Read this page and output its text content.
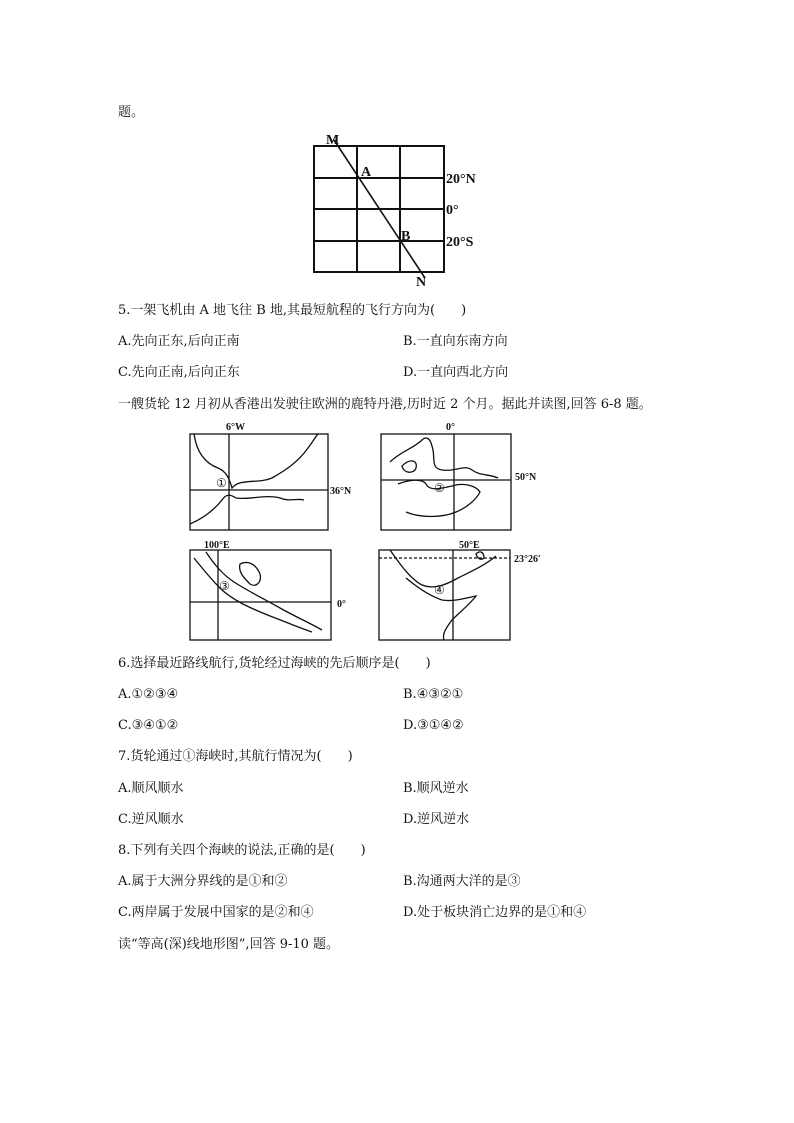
题。
M
A
B
N
20°N
0°
20°S
5.一架飞机由 A 地飞往 B 地,其最短航程的飞行方向为(　　)
A.先向正东,后向正南	B.一直向东南方向
C.先向正南,后向正东	D.一直向西北方向
一艘货轮 12 月初从香港出发驶往欧洲的鹿特丹港,历时近 2 个月。据此并读图,回答 6-8 题。
6°W
36°N
0°
50°N
100°E
0°
50°E
23°26′
①	②
③	④
6.选择最近路线航行,货轮经过海峡的先后顺序是(　　)
A.①②③④	B.④③②①
C.③④①②	D.③①④②
7.货轮通过①海峡时,其航行情况为(　　)
A.顺风顺水	B.顺风逆水
C.逆风顺水	D.逆风逆水
8.下列有关四个海峡的说法,正确的是(　　)
A.属于大洲分界线的是①和②	B.沟通两大洋的是③
C.两岸属于发展中国家的是②和④	D.处于板块消亡边界的是①和④
读“等高(深)线地形图”,回答 9-10 题。
